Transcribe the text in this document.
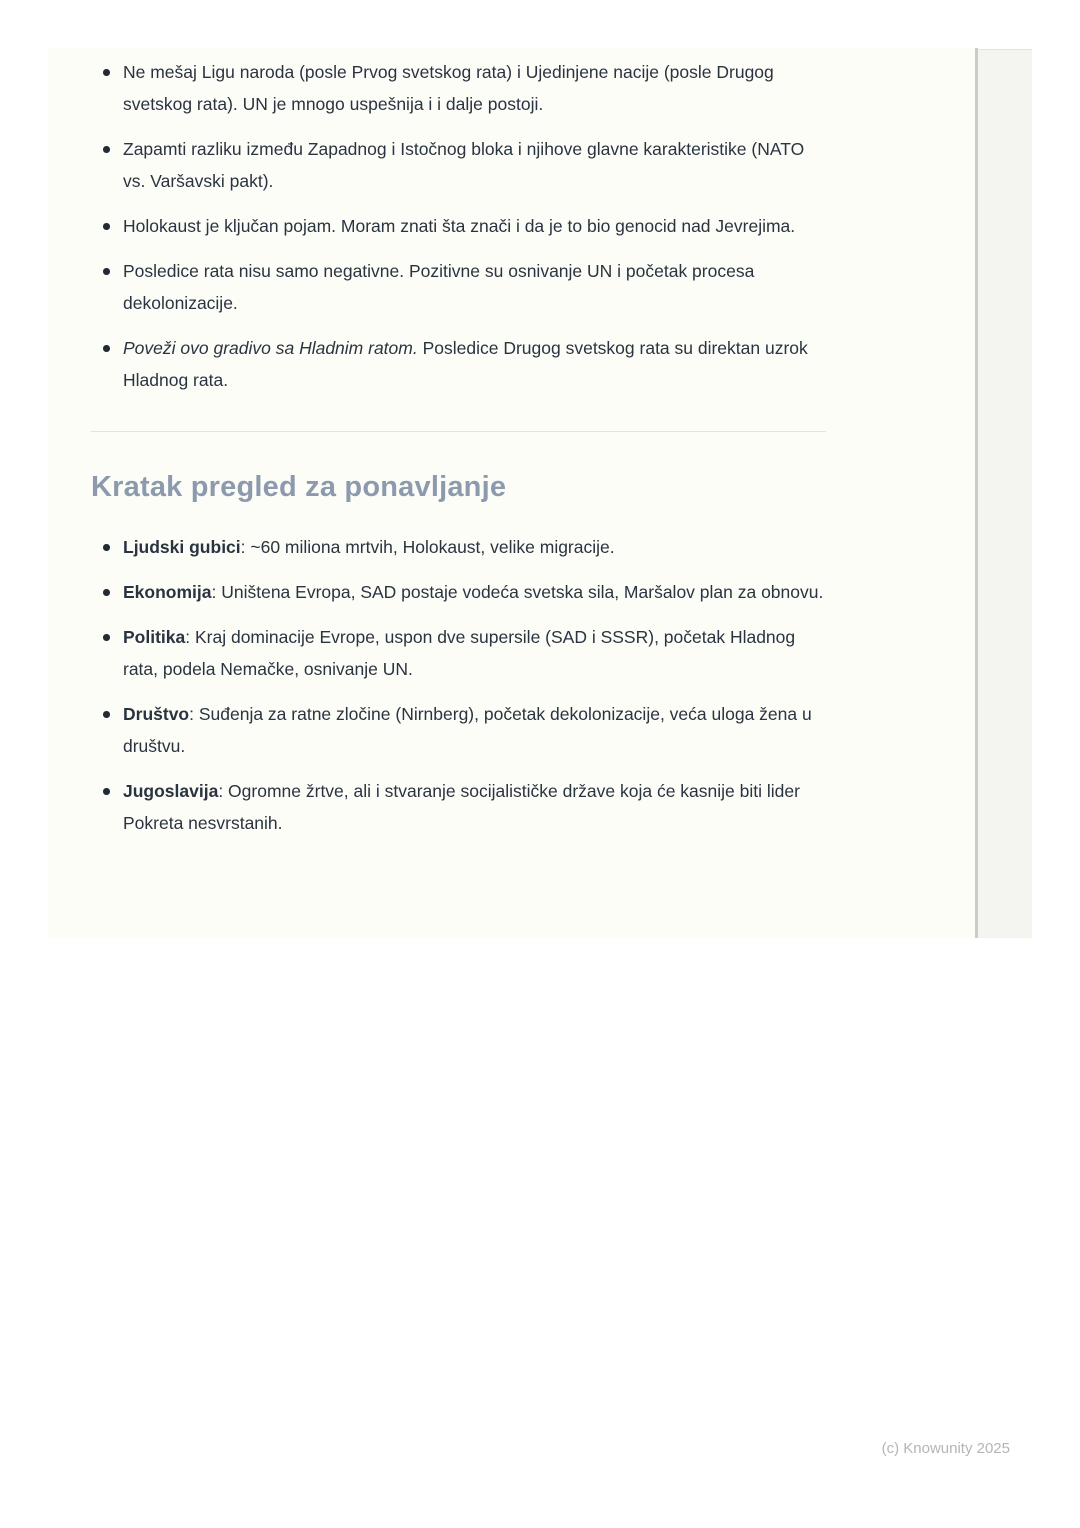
Ne mešaj Ligu naroda (posle Prvog svetskog rata) i Ujedinjene nacije (posle Drugog svetskog rata). UN je mnogo uspešnija i i dalje postoji.
Zapamti razliku između Zapadnog i Istočnog bloka i njihove glavne karakteristike (NATO vs. Varšavski pakt).
Holokaust je ključan pojam. Moram znati šta znači i da je to bio genocid nad Jevrejima.
Posledice rata nisu samo negativne. Pozitivne su osnivanje UN i početak procesa dekolonizacije.
Poveži ovo gradivo sa Hladnim ratom. Posledice Drugog svetskog rata su direktan uzrok Hladnog rata.
Kratak pregled za ponavljanje
Ljudski gubici: ~60 miliona mrtvih, Holokaust, velike migracije.
Ekonomija: Uništena Evropa, SAD postaje vodeća svetska sila, Maršalov plan za obnovu.
Politika: Kraj dominacije Evrope, uspon dve supersile (SAD i SSSR), početak Hladnog rata, podela Nemačke, osnivanje UN.
Društvo: Suđenja za ratne zločine (Nirnberg), početak dekolonizacije, veća uloga žena u društvu.
Jugoslavija: Ogromne žrtve, ali i stvaranje socijalističke države koja će kasnije biti lider Pokreta nesvrstanih.
(c) Knowunity 2025
